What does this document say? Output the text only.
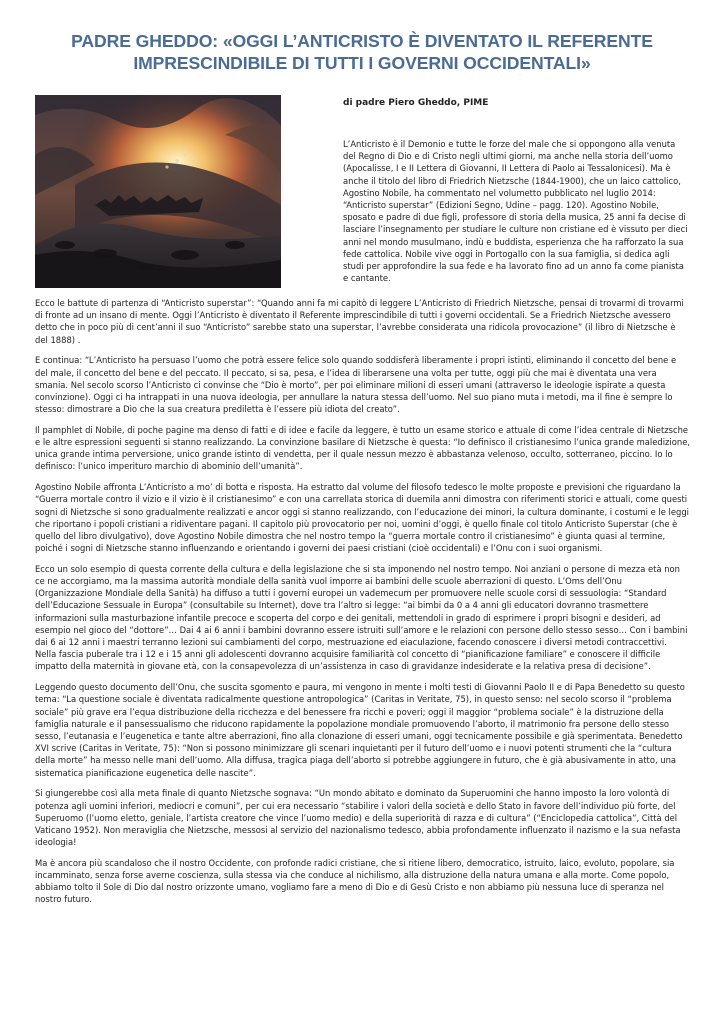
PADRE GHEDDO: «OGGI L’ANTICRISTO È DIVENTATO IL REFERENTE
IMPRESCINDIBILE DI TUTTI I GOVERNI OCCIDENTALI»
di padre Piero Gheddo, PIME
L’Anticristo è il Demonio e tutte le forze del male che si oppongono alla venuta del Regno di Dio e di Cristo negli ultimi giorni, ma anche nella storia dell’uomo (Apocalisse, I e II Lettera di Giovanni, II Lettera di Paolo ai Tessalonicesi). Ma è anche il titolo del libro di Friedrich Nietzsche (1844-1900), che un laico cattolico, Agostino Nobile, ha commentato nel volumetto pubblicato nel luglio 2014: “Anticristo superstar” (Edizioni Segno, Udine – pagg. 120). Agostino Nobile, sposato e padre di due figli, professore di storia della musica, 25 anni fa decise di lasciare l’insegnamento per studiare le culture non cristiane ed è vissuto per dieci anni nel mondo musulmano, indù e buddista, esperienza che ha rafforzato la sua fede cattolica. Nobile vive oggi in Portogallo con la sua famiglia, si dedica agli studi per approfondire la sua fede e ha lavorato fino ad un anno fa come pianista e cantante.

Ecco le battute di partenza di “Anticristo superstar”: “Quando anni fa mi capitò di leggere L’Anticristo di Friedrich Nietzsche, pensai di trovarmi di trovarmi di fronte ad un insano di mente. Oggi l’Anticristo è diventato il Referente imprescindibile di tutti i governi occidentali. Se a Friedrich Nietzsche avessero detto che in poco più di cent’anni il suo “Anticristo” sarebbe stato una superstar, l’avrebbe considerata una ridicola provocazione” (il libro di Nietzsche è del 1888) .

E continua: “L’Anticristo ha persuaso l’uomo che potrà essere felice solo quando soddisferà liberamente i propri istinti, eliminando il concetto del bene e del male, il concetto del bene e del peccato. Il peccato, si sa, pesa, e l’idea di liberarsene una volta per tutte, oggi più che mai è diventata una vera smania. Nel secolo scorso l’Anticristo ci convinse che “Dio è morto”, per poi eliminare milioni di esseri umani (attraverso le ideologie ispirate a questa convinzione). Oggi ci ha intrappati in una nuova ideologia, per annullare la natura stessa dell’uomo. Nel suo piano muta i metodi, ma il fine è sempre lo stesso: dimostrare a Dio che la sua creatura prediletta è l’essere più idiota del creato”.

Il pamphlet di Nobile, di poche pagine ma denso di fatti e di idee e facile da leggere, è tutto un esame storico e attuale di come l’idea centrale di Nietzsche e le altre espressioni seguenti si stanno realizzando. La convinzione basilare di Nietzsche è questa: “Io definisco il cristianesimo l’unica grande maledizione, unica grande intima perversione, unico grande istinto di vendetta, per il quale nessun mezzo è abbastanza velenoso, occulto, sotterraneo, piccino. Io lo definisco: l’unico imperituro marchio di abominio dell’umanità”.

Agostino Nobile affronta L’Anticristo a mo’ di botta e risposta. Ha estratto dal volume del filosofo tedesco le molte proposte e previsioni che riguardano la “Guerra mortale contro il vizio e il vizio è il cristianesimo” e con una carrellata storica di duemila anni dimostra con riferimenti storici e attuali, come questi sogni di Nietzsche si sono gradualmente realizzati e ancor oggi si stanno realizzando, con l’educazione dei minori, la cultura dominante, i costumi e le leggi che riportano i popoli cristiani a ridiventare pagani. Il capitolo più provocatorio per noi, uomini d’oggi, è quello finale col titolo Anticristo Superstar (che è quello del libro divulgativo), dove Agostino Nobile dimostra che nel nostro tempo la “guerra mortale contro il cristianesimo” è giunta quasi al termine, poiché i sogni di Nietzsche stanno influenzando e orientando i governi dei paesi cristiani (cioè occidentali) e l’Onu con i suoi organismi.

Ecco un solo esempio di questa corrente della cultura e della legislazione che si sta imponendo nel nostro tempo. Noi anziani o persone di mezza età non ce ne accorgiamo, ma la massima autorità mondiale della sanità vuol imporre ai bambini delle scuole aberrazioni di questo. L’Oms dell’Onu (Organizzazione Mondiale della Sanità) ha diffuso a tutti i governi europei un vademecum per promuovere nelle scuole corsi di sessuologia: “Standard dell’Educazione Sessuale in Europa” (consultabile su Internet), dove tra l’altro si legge: “ai bimbi da 0 a 4 anni gli educatori dovranno trasmettere informazioni sulla masturbazione infantile precoce e scoperta del corpo e dei genitali, mettendoli in grado di esprimere i propri bisogni e desideri, ad esempio nel gioco del “dottore”… Dai 4 ai 6 anni i bambini dovranno essere istruiti sull’amore e le relazioni con persone dello stesso sesso… Con i bambini dai 6 ai 12 anni i maestri terranno lezioni sui cambiamenti del corpo, mestruazione ed eiaculazione, facendo conoscere i diversi metodi contraccettivi. Nella fascia puberale tra i 12 e i 15 anni gli adolescenti dovranno acquisire familiarità col concetto di “pianificazione familiare” e conoscere il difficile impatto della maternità in giovane età, con la consapevolezza di un’assistenza in caso di gravidanze indesiderate e la relativa presa di decisione”.

Leggendo questo documento dell’Onu, che suscita sgomento e paura, mi vengono in mente i molti testi di Giovanni Paolo II e di Papa Benedetto su questo tema: “La questione sociale è diventata radicalmente questione antropologica” (Caritas in Veritate, 75), in questo senso: nel secolo scorso il “problema sociale” più grave era l’equa distribuzione della ricchezza e del benessere fra ricchi e poveri; oggi il maggior “problema sociale” è la distruzione della famiglia naturale e il pansessualismo che riducono rapidamente la popolazione mondiale promuovendo l’aborto, il matrimonio fra persone dello stesso sesso, l’eutanasia e l’eugenetica e tante altre aberrazioni, fino alla clonazione di esseri umani, oggi tecnicamente possibile e già sperimentata. Benedetto XVI scrive (Caritas in Veritate, 75): “Non si possono minimizzare gli scenari inquietanti per il futuro dell’uomo e i nuovi potenti strumenti che la “cultura della morte” ha messo nelle mani dell’uomo. Alla diffusa, tragica piaga dell’aborto si potrebbe aggiungere in futuro, che è già abusivamente in atto, una sistematica pianificazione eugenetica delle nascite”.

Si giungerebbe così alla meta finale di quanto Nietzsche sognava: “Un mondo abitato e dominato da Superuomini che hanno imposto la loro volontà di potenza agli uomini inferiori, mediocri e comuni”, per cui era necessario “stabilire i valori della società e dello Stato in favore dell’individuo più forte, del Superuomo (l’uomo eletto, geniale, l’artista creatore che vince l’uomo medio) e della superiorità di razza e di cultura” (“Enciclopedia cattolica”, Città del Vaticano 1952). Non meraviglia che Nietzsche, messosi al servizio del nazionalismo tedesco, abbia profondamente influenzato il nazismo e la sua nefasta ideologia!

Ma è ancora più scandaloso che il nostro Occidente, con profonde radici cristiane, che si ritiene libero, democratico, istruito, laico, evoluto, popolare, sia incamminato, senza forse averne coscienza, sulla stessa via che conduce al nichilismo, alla distruzione della natura umana e alla morte. Come popolo, abbiamo tolto il Sole di Dio dal nostro orizzonte umano, vogliamo fare a meno di Dio e di Gesù Cristo e non abbiamo più nessuna luce di speranza nel nostro futuro.
